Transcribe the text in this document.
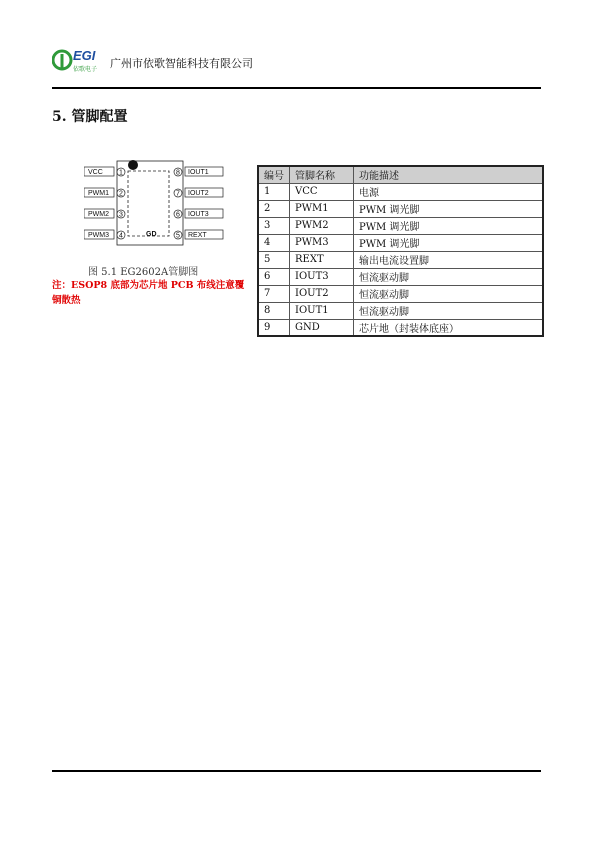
EGI
依歌电子 广州市依歌智能科技有限公司
5. 管脚配置
GD
VCC 1
PWM1 2
PWM2 3
PWM3 4
8 IOUT1
7 IOUT2
6 IOUT3
5 REXT
图 5.1 EG2602A管脚图
注：ESOP8 底部为芯片地 PCB 布线注意覆铜散热
编号	管脚名称	功能描述
1	VCC	电源
2	PWM1	PWM 调光脚
3	PWM2	PWM 调光脚
4	PWM3	PWM 调光脚
5	REXT	输出电流设置脚
6	IOUT3	恒流驱动脚
7	IOUT2	恒流驱动脚
8	IOUT1	恒流驱动脚
9	GND	芯片地（封装体底座）
